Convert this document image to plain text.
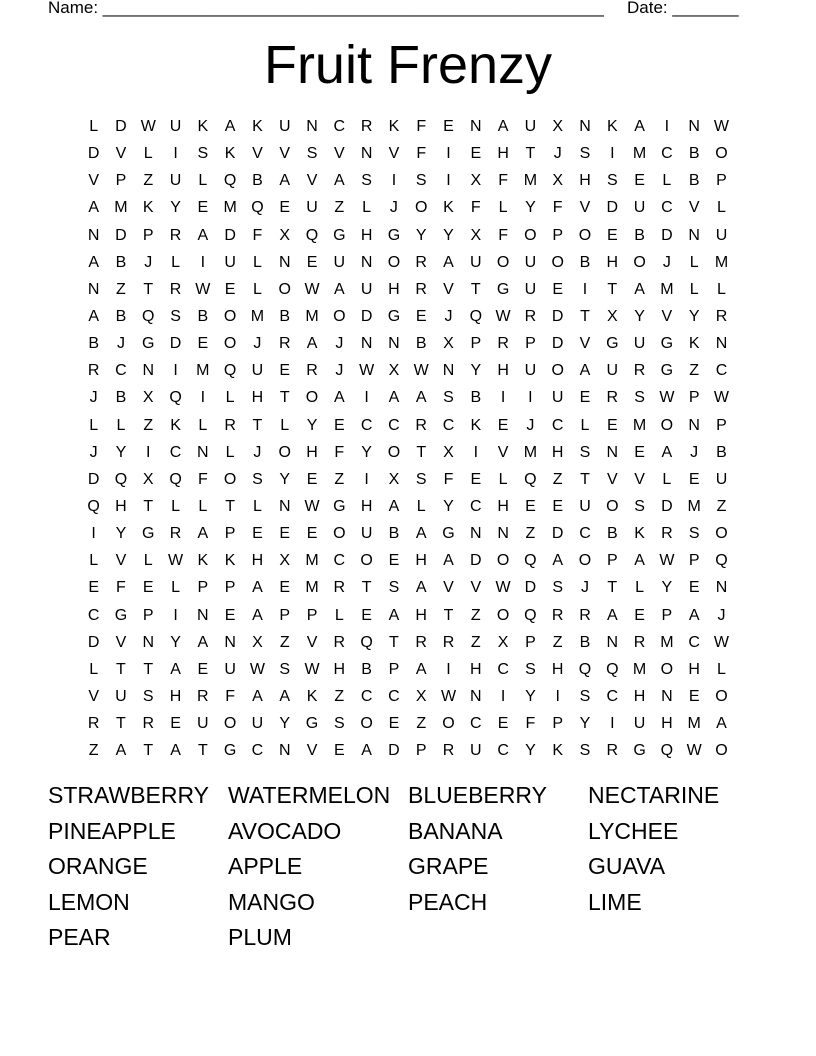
Name: _____________________________________________________ Date: _______
Fruit Frenzy
L	D W U	K	A	K	U N C R	K	F	E	N	A	U	X	N	K	A	I	N W
D	V	L	I	S	K	V	V	S	V	N	V	F	I	E	H	T	J	S	I	M C	B O
V	P	Z	U	L	Q B	A	V	A	S	I	S	I	X	F M X	H	S	E	L	B	P
A M K	Y	E M Q E	U	Z	L	J	O K	F	L	Y	F	V	D U C	V	L
N D	P	R	A	D	F	X Q G H G Y	Y	X	F	O P O E	B	D N U
A	B	J	L	I	U	L	N	E	U N O R	A	U O U O B	H O	J	L	M
N	Z	T	R W E	L	O W A	U H R	V	T	G U	E	I	T	A M	L	L
A	B Q S	B O M B M O D G E	J	Q W R D	T	X	Y	V	Y	R
B	J	G D	E O	J	R	A	J	N N	B	X	P	R	P	D	V G U G K	N
R C N	I	M Q U	E	R	J W X W N	Y	H U O A	U R G	Z	C
J	B	X Q	I	L	H	T	O A	I	A	A	S	B	I	I	U	E	R	S W P W
L	L	Z	K	L	R	T	L	Y	E	C C R C	K	E	J	C	L	E M O N	P
J	Y	I	C N	L	J	O H	F	Y O	T	X	I	V M H	S	N	E	A	J	B
D Q X Q	F	O S	Y	E	Z	I	X	S	F	E	L	Q	Z	T	V	V	L	E	U
Q H	T	L	L	T	L	N W G H	A	L	Y	C H	E	E	U O S	D M Z
I	Y G R	A	P	E	E	E O U	B	A G N N	Z	D C	B	K	R	S O
L	V	L W K	K	H	X M C O E	H	A	D O Q A O P	A W P Q
E	F	E	L	P	P	A	E M R	T	S	A	V	V W D	S	J	T	L	Y	E	N
C G P	I	N	E	A	P	P	L	E	A	H	T	Z	O Q R R	A	E	P	A	J
D	V	N	Y	A	N	X	Z	V	R Q	T	R R	Z	X	P	Z	B	N R M C W
L	T	T	A	E	U W S W H	B	P	A	I	H C	S	H Q Q M O H	L
V	U	S	H R	F	A	A	K	Z	C C	X W N	I	Y	I	S	C H N	E O
R	T	R	E	U O U	Y G S O E	Z	O C	E	F	P	Y	I	U H M A
Z	A	T	A	T	G C N	V	E	A	D	P	R U C	Y	K	S	R G Q W O
STRAWBERRY WATERMELON BLUEBERRY	NECTARINE
PINEAPPLE	AVOCADO	BANANA	LYCHEE
ORANGE	APPLE	GRAPE	GUAVA
LEMON	MANGO	PEACH	LIME
PEAR	PLUM
